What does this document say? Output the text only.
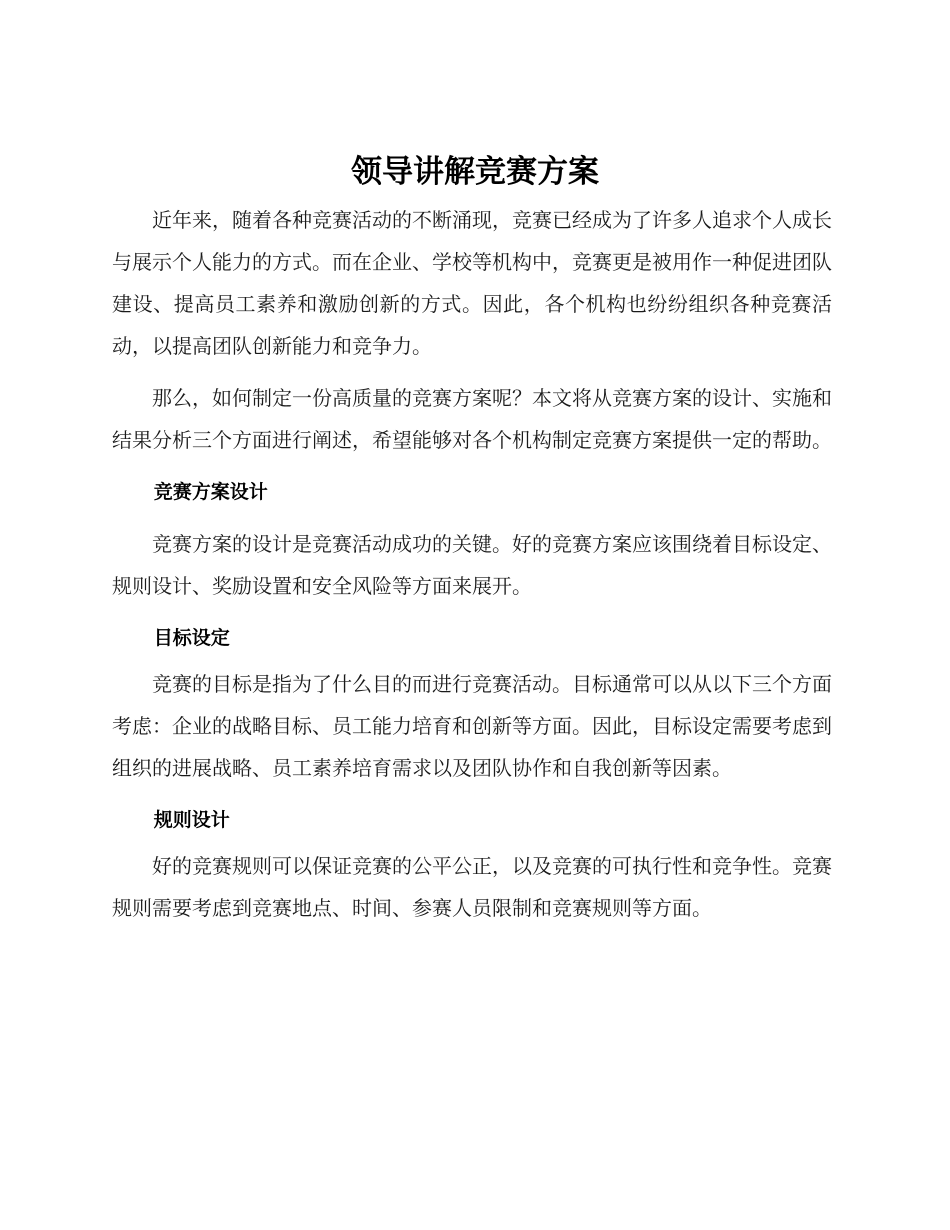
领导讲解竞赛方案

近年来，随着各种竞赛活动的不断涌现，竞赛已经成为了许多人追求个人成长与展示个人能力的方式。而在企业、学校等机构中，竞赛更是被用作一种促进团队建设、提高员工素养和激励创新的方式。因此，各个机构也纷纷组织各种竞赛活动，以提高团队创新能力和竞争力。

那么，如何制定一份高质量的竞赛方案呢？本文将从竞赛方案的设计、实施和结果分析三个方面进行阐述，希望能够对各个机构制定竞赛方案提供一定的帮助。

竞赛方案设计

竞赛方案的设计是竞赛活动成功的关键。好的竞赛方案应该围绕着目标设定、规则设计、奖励设置和安全风险等方面来展开。

目标设定

竞赛的目标是指为了什么目的而进行竞赛活动。目标通常可以从以下三个方面考虑：企业的战略目标、员工能力培育和创新等方面。因此，目标设定需要考虑到组织的进展战略、员工素养培育需求以及团队协作和自我创新等因素。

规则设计

好的竞赛规则可以保证竞赛的公平公正，以及竞赛的可执行性和竞争性。竞赛规则需要考虑到竞赛地点、时间、参赛人员限制和竞赛规则等方面。
